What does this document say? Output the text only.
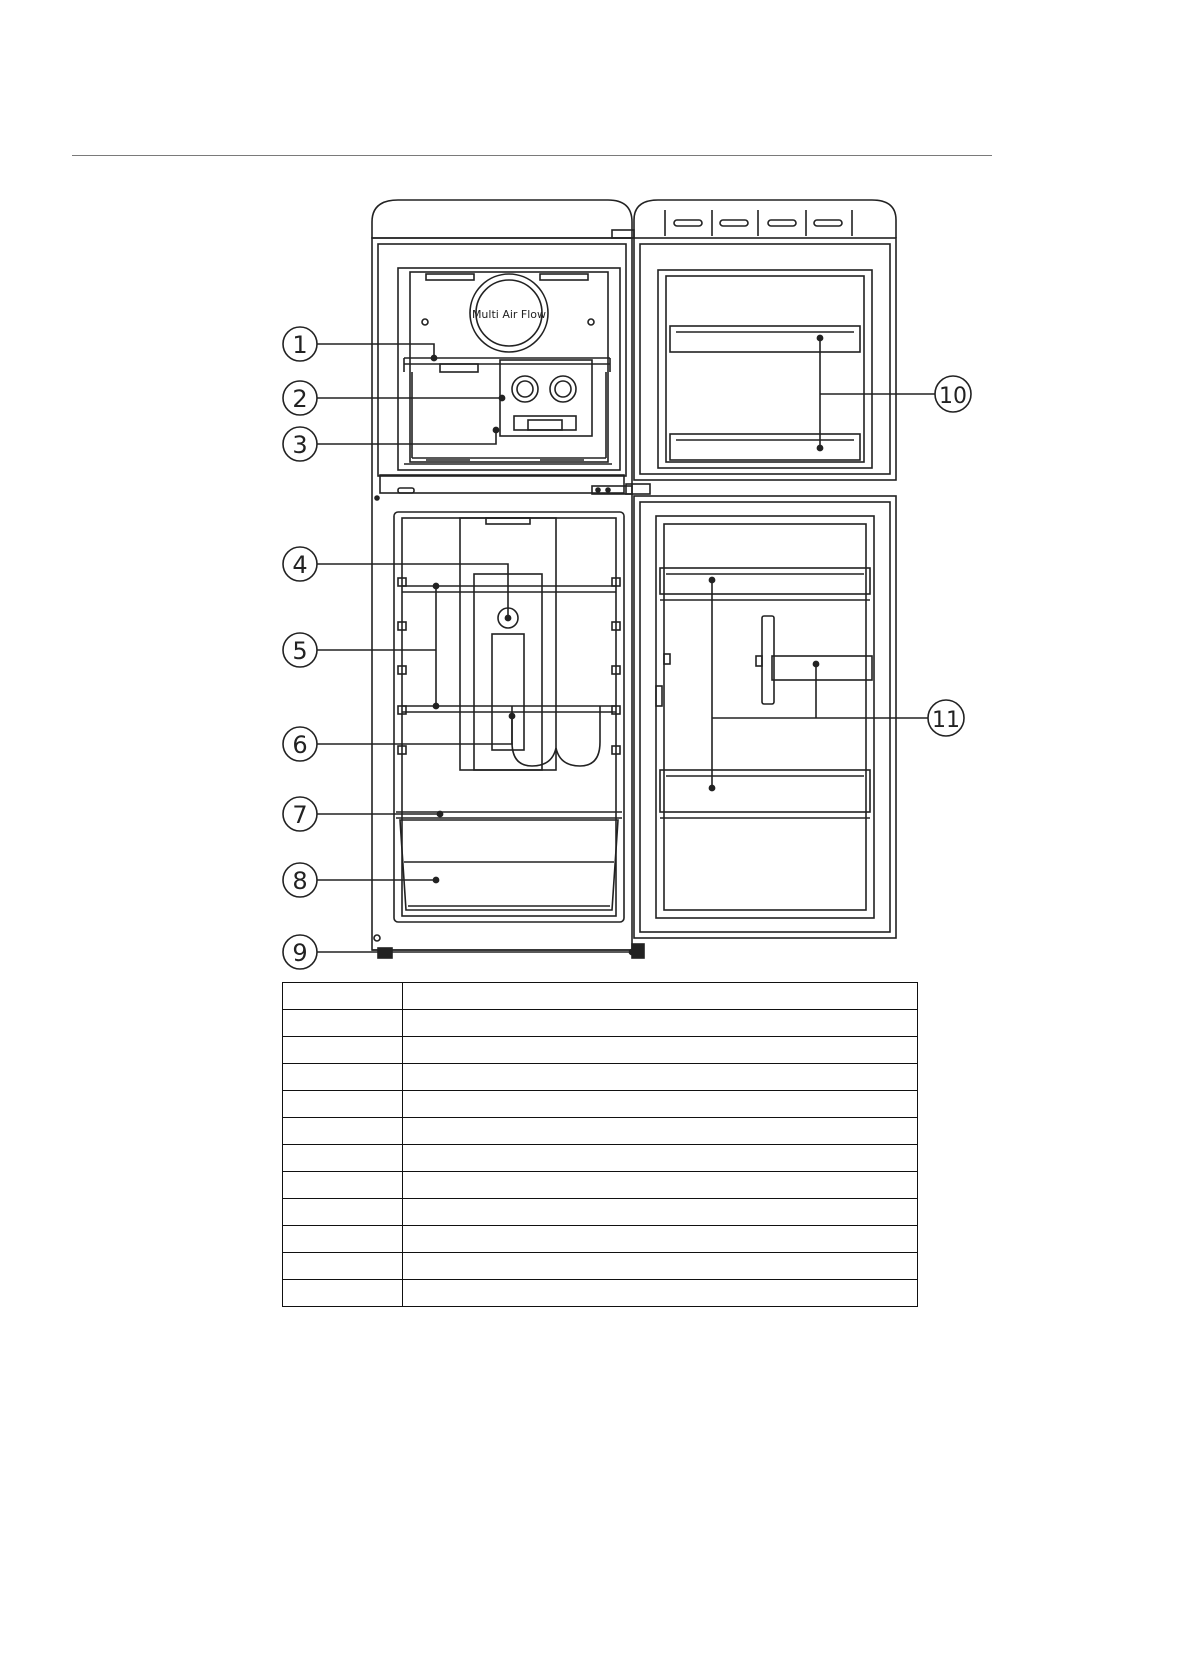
Multi Air Flow
1
2
3
4
5
6
7
8
9
10
11
